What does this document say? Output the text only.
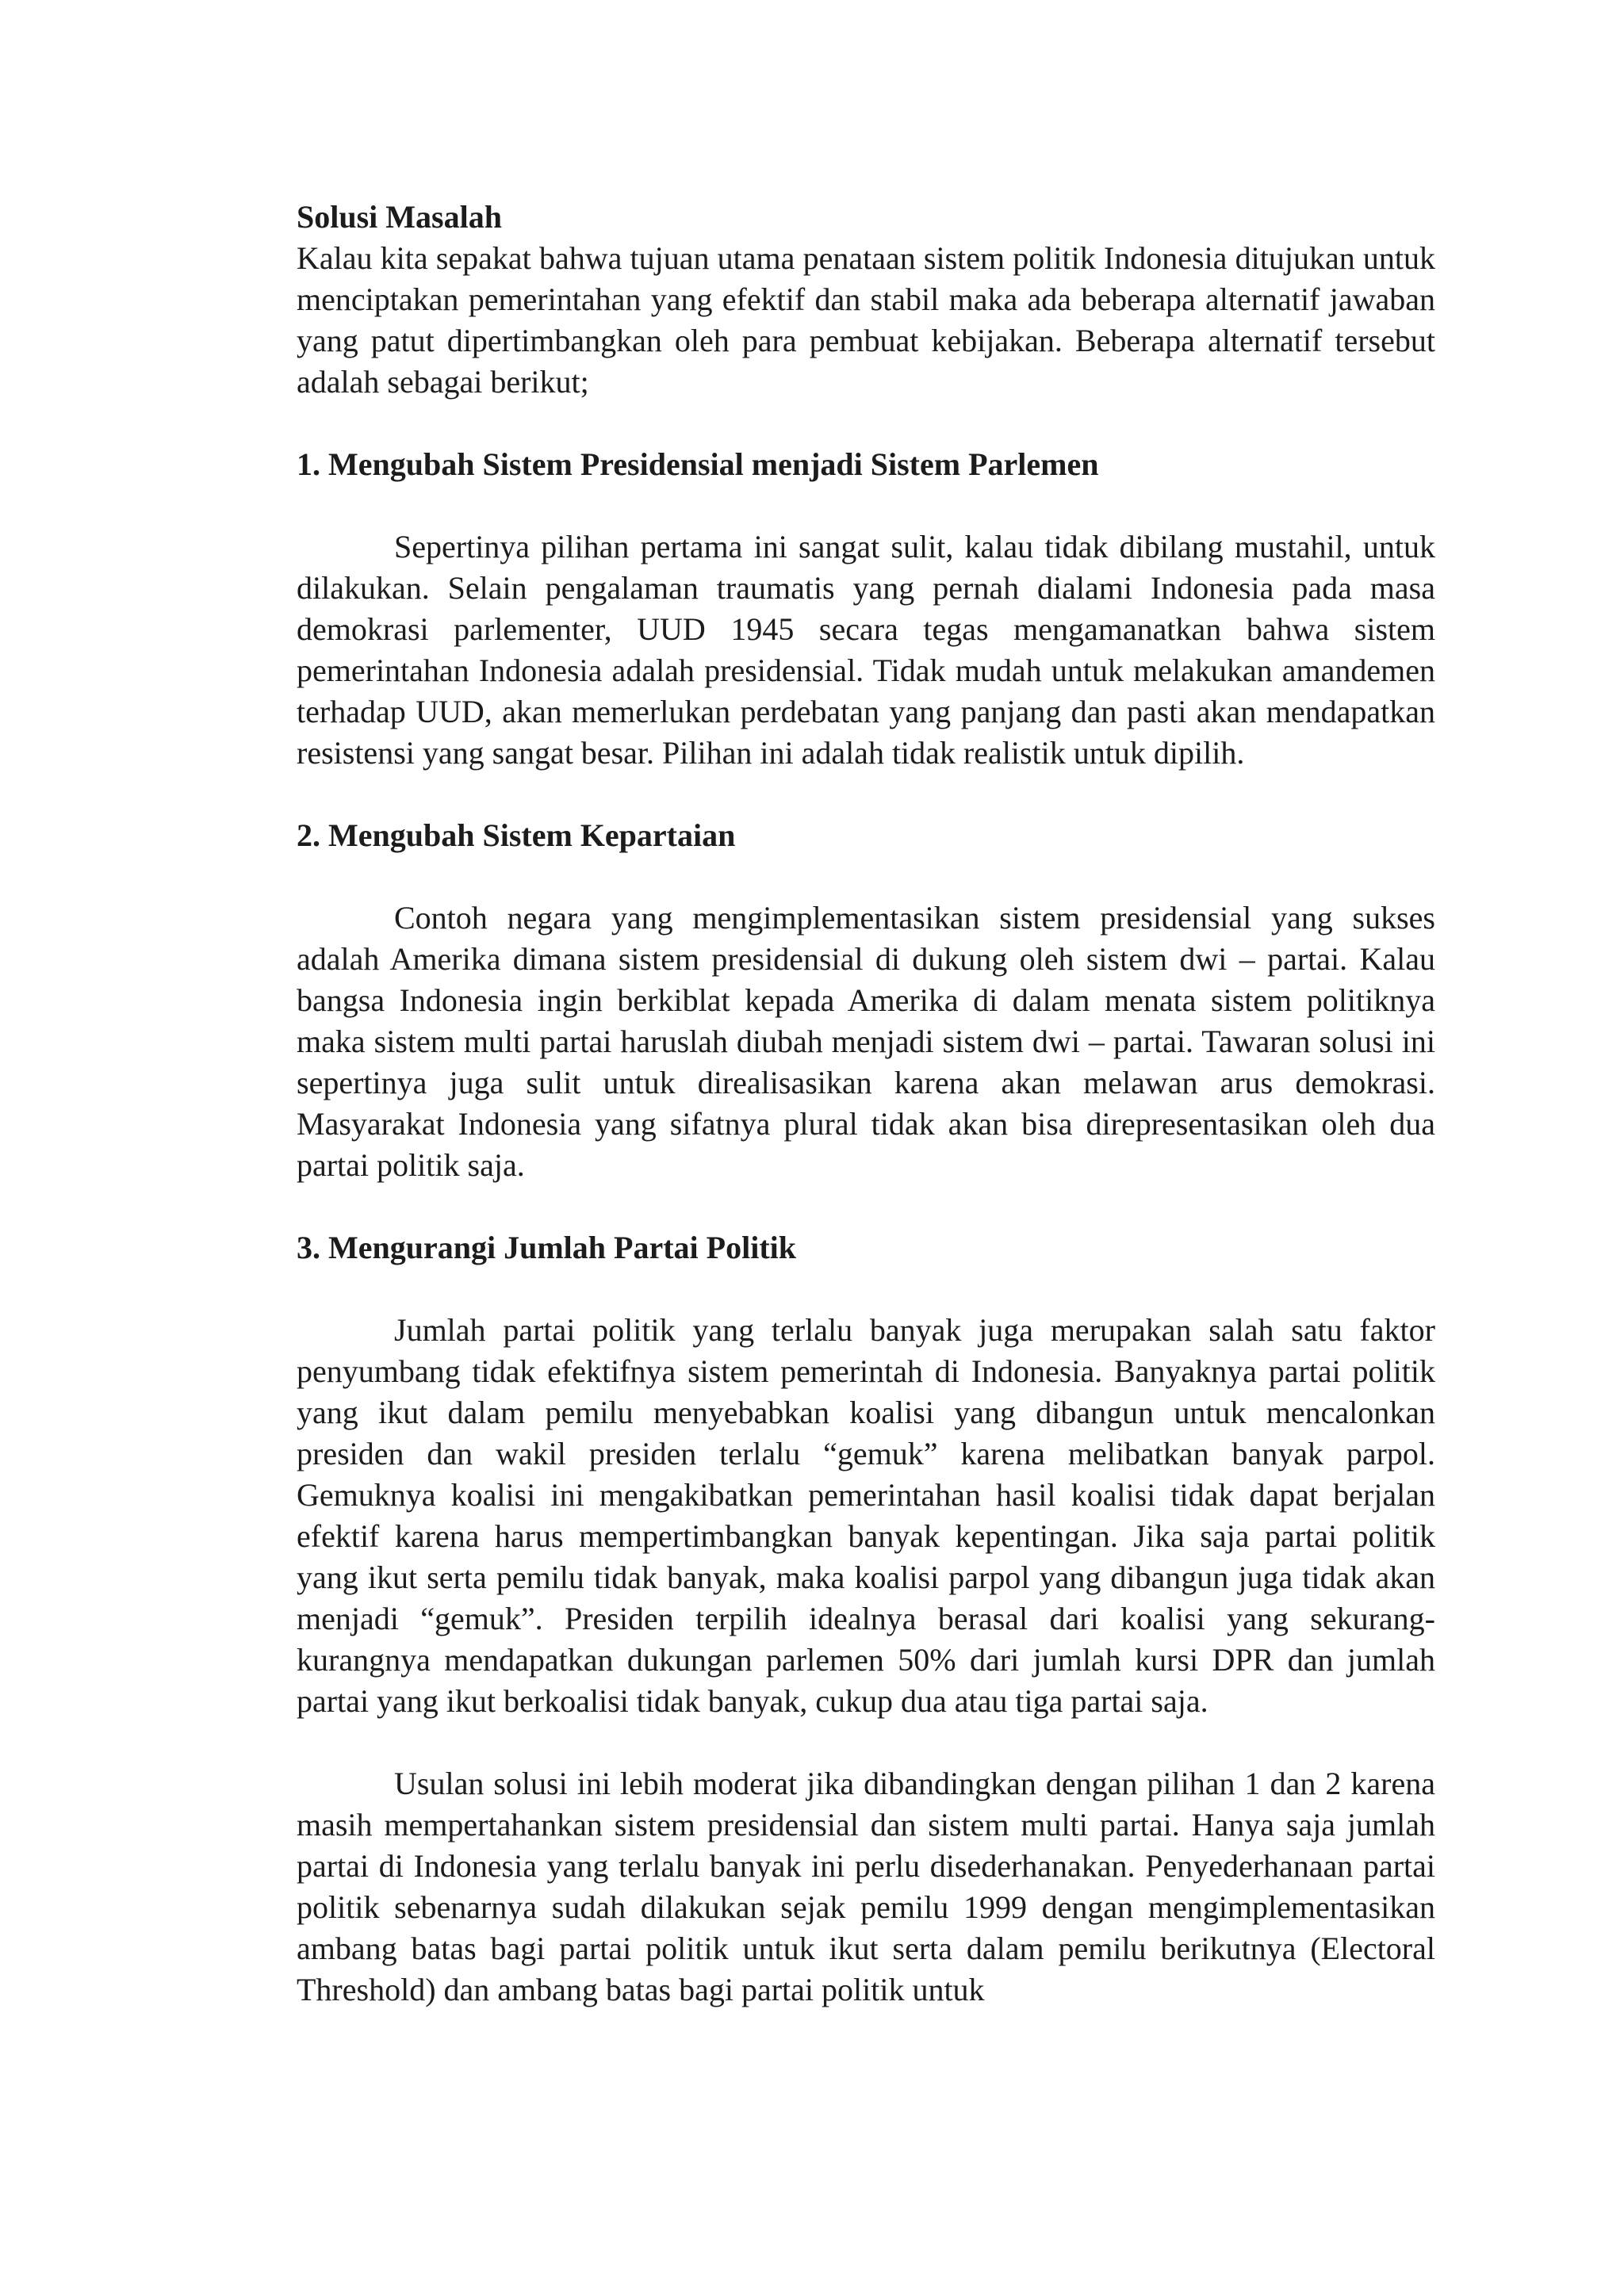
Solusi Masalah

Kalau kita sepakat bahwa tujuan utama penataan sistem politik Indonesia ditujukan untuk menciptakan pemerintahan yang efektif dan stabil maka ada beberapa alternatif jawaban yang patut dipertimbangkan oleh para pembuat kebijakan. Beberapa alternatif tersebut adalah sebagai berikut;

1. Mengubah Sistem Presidensial menjadi Sistem Parlemen

Sepertinya pilihan pertama ini sangat sulit, kalau tidak dibilang mustahil, untuk dilakukan. Selain pengalaman traumatis yang pernah dialami Indonesia pada masa demokrasi parlementer, UUD 1945 secara tegas mengamanatkan bahwa sistem pemerintahan Indonesia adalah presidensial. Tidak mudah untuk melakukan amandemen terhadap UUD, akan memerlukan perdebatan yang panjang dan pasti akan mendapatkan resistensi yang sangat besar. Pilihan ini adalah tidak realistik untuk dipilih.

2. Mengubah Sistem Kepartaian

Contoh negara yang mengimplementasikan sistem presidensial yang sukses adalah Amerika dimana sistem presidensial di dukung oleh sistem dwi – partai. Kalau bangsa Indonesia ingin berkiblat kepada Amerika di dalam menata sistem politiknya maka sistem multi partai haruslah diubah menjadi sistem dwi – partai. Tawaran solusi ini sepertinya juga sulit untuk direalisasikan karena akan melawan arus demokrasi. Masyarakat Indonesia yang sifatnya plural tidak akan bisa direpresentasikan oleh dua partai politik saja.

3. Mengurangi Jumlah Partai Politik

Jumlah partai politik yang terlalu banyak juga merupakan salah satu faktor penyumbang tidak efektifnya sistem pemerintah di Indonesia. Banyaknya partai politik yang ikut dalam pemilu menyebabkan koalisi yang dibangun untuk mencalonkan presiden dan wakil presiden terlalu “gemuk” karena melibatkan banyak parpol. Gemuknya koalisi ini mengakibatkan pemerintahan hasil koalisi tidak dapat berjalan efektif karena harus mempertimbangkan banyak kepentingan. Jika saja partai politik yang ikut serta pemilu tidak banyak, maka koalisi parpol yang dibangun juga tidak akan menjadi “gemuk”. Presiden terpilih idealnya berasal dari koalisi yang sekurang-kurangnya mendapatkan dukungan parlemen 50% dari jumlah kursi DPR dan jumlah partai yang ikut berkoalisi tidak banyak, cukup dua atau tiga partai saja.

Usulan solusi ini lebih moderat jika dibandingkan dengan pilihan 1 dan 2 karena masih mempertahankan sistem presidensial dan sistem multi partai. Hanya saja jumlah partai di Indonesia yang terlalu banyak ini perlu disederhanakan. Penyederhanaan partai politik sebenarnya sudah dilakukan sejak pemilu 1999 dengan mengimplementasikan ambang batas bagi partai politik untuk ikut serta dalam pemilu berikutnya (Electoral Threshold) dan ambang batas bagi partai politik untuk
